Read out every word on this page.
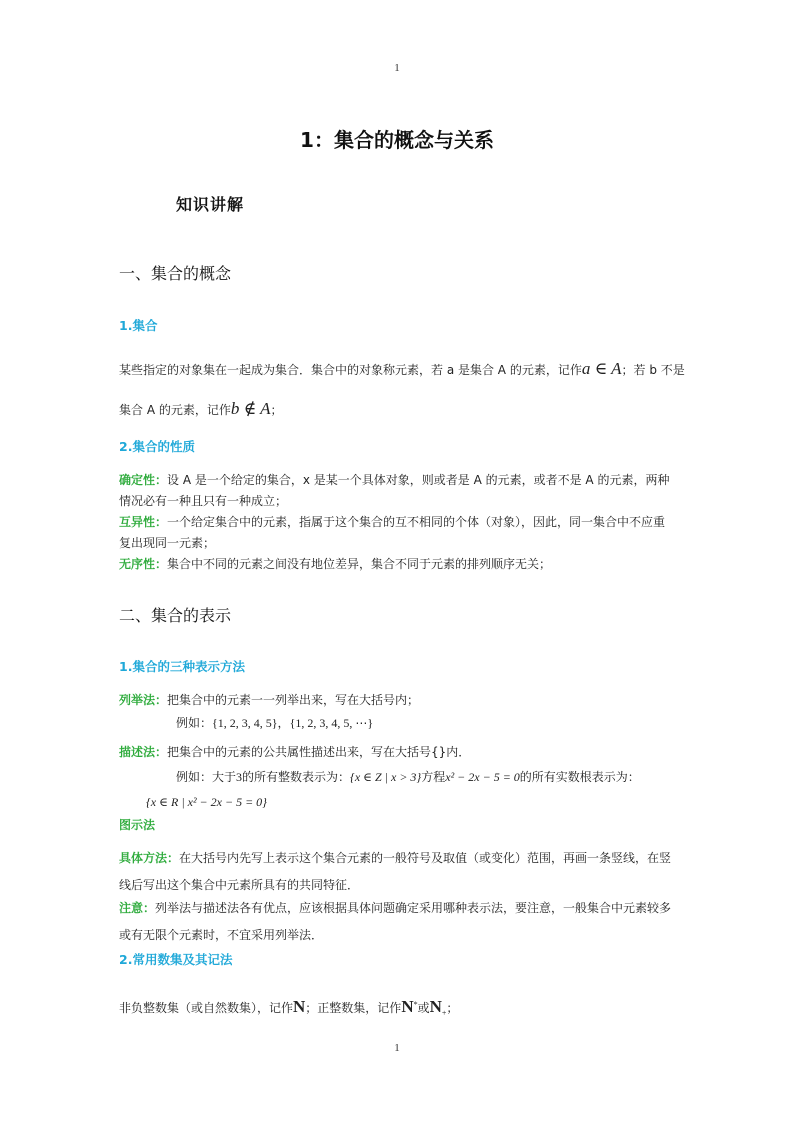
1
1：集合的概念与关系
知识讲解
一、集合的概念
1.集合
某些指定的对象集在一起成为集合．集合中的对象称元素，若 a 是集合 A 的元素，记作a ∈ A；若 b 不是
集合 A 的元素，记作b ∉ A；
2.集合的性质
确定性：设 A 是一个给定的集合，x 是某一个具体对象，则或者是 A 的元素，或者不是 A 的元素，两种情况必有一种且只有一种成立；
互异性：一个给定集合中的元素，指属于这个集合的互不相同的个体（对象），因此，同一集合中不应重复出现同一元素；
无序性：集合中不同的元素之间没有地位差异，集合不同于元素的排列顺序无关；
二、集合的表示
1.集合的三种表示方法
列举法：把集合中的元素一一列举出来，写在大括号内；
例如：{1, 2, 3, 4, 5}，{1, 2, 3, 4, 5, ⋯}
描述法：把集合中的元素的公共属性描述出来，写在大括号{}内．
例如：大于3的所有整数表示为：{x ∈ Z | x > 3}方程x² − 2x − 5 = 0的所有实数根表示为：
{x ∈ R | x² − 2x − 5 = 0}
图示法
具体方法：在大括号内先写上表示这个集合元素的一般符号及取值（或变化）范围，再画一条竖线，在竖线后写出这个集合中元素所具有的共同特征．
注意：列举法与描述法各有优点，应该根据具体问题确定采用哪种表示法，要注意，一般集合中元素较多或有无限个元素时，不宜采用列举法．
2.常用数集及其记法
非负整数集（或自然数集），记作N；正整数集，记作N*或$N_+$；
1
